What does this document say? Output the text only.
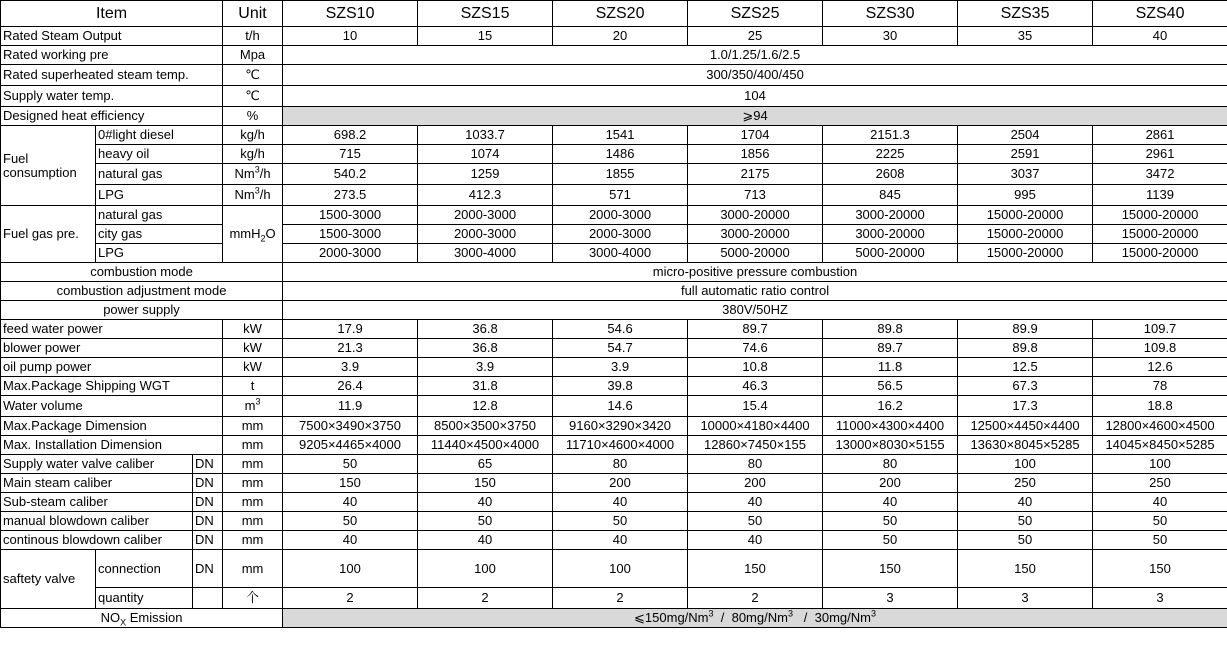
Item			Unit	SZS10	SZS15	SZS20	SZS25	SZS30	SZS35	SZS40
Rated Steam Output			t/h	10	15	20	25	30	35	40
Rated working pre			Mpa	1.0/1.25/1.6/2.5						
Rated superheated steam temp.			℃	300/350/400/450						
Supply water temp.			℃	104						
Designed heat efficiency			%	⩾94						
Fuel consumption	0#light diesel		kg/h	698.2	1033.7	1541	1704	2151.3	2504	2861
	heavy oil		kg/h	715	1074	1486	1856	2225	2591	2961
	natural gas		Nm$^3$/h	540.2	1259	1855	2175	2608	3037	3472
	LPG		Nm$^3$/h	273.5	412.3	571	713	845	995	1139
Fuel gas pre.	natural gas		mmH$_2$O	1500-3000	2000-3000	2000-3000	3000-20000	3000-20000	15000-20000	15000-20000
	city gas			1500-3000	2000-3000	2000-3000	3000-20000	3000-20000	15000-20000	15000-20000
	LPG			2000-3000	3000-4000	3000-4000	5000-20000	5000-20000	15000-20000	15000-20000
combustion mode				micro-positive pressure combustion						
combustion adjustment mode				full automatic ratio control						
power supply				380V/50HZ						
feed water power			kW	17.9	36.8	54.6	89.7	89.8	89.9	109.7
blower power			kW	21.3	36.8	54.7	74.6	89.7	89.8	109.8
oil pump power			kW	3.9	3.9	3.9	10.8	11.8	12.5	12.6
Max.Package Shipping WGT			t	26.4	31.8	39.8	46.3	56.5	67.3	78
Water volume			$m^3$	11.9	12.8	14.6	15.4	16.2	17.3	18.8
Max.Package Dimension			mm	7500×3490×3750	8500×3500×3750	9160×3290×3420	10000×4180×4400	11000×4300×4400	12500×4450×4400	12800×4600×4500
Max. Installation Dimension			mm	9205×4465×4000	11440×4500×4000	11710×4600×4000	12860×7450×155	13000×8030×5155	13630×8045×5285	14045×8450×5285
Supply water valve caliber		DN	mm	50	65	80	80	80	100	100
Main steam caliber		DN	mm	150	150	200	200	200	250	250
Sub-steam caliber		DN	mm	40	40	40	40	40	40	40
manual blowdown caliber		DN	mm	50	50	50	50	50	50	50
continous blowdown caliber		DN	mm	40	40	40	40	50	50	50
saftety valve	connection	DN	mm	100	100	100	150	150	150	150
	quantity		个	2	2	2	2	3	3	3
$NO_X$ Emission				⩽150mg/Nm$^3$  /  80mg/Nm$^3$   /  30mg/Nm$^3$
